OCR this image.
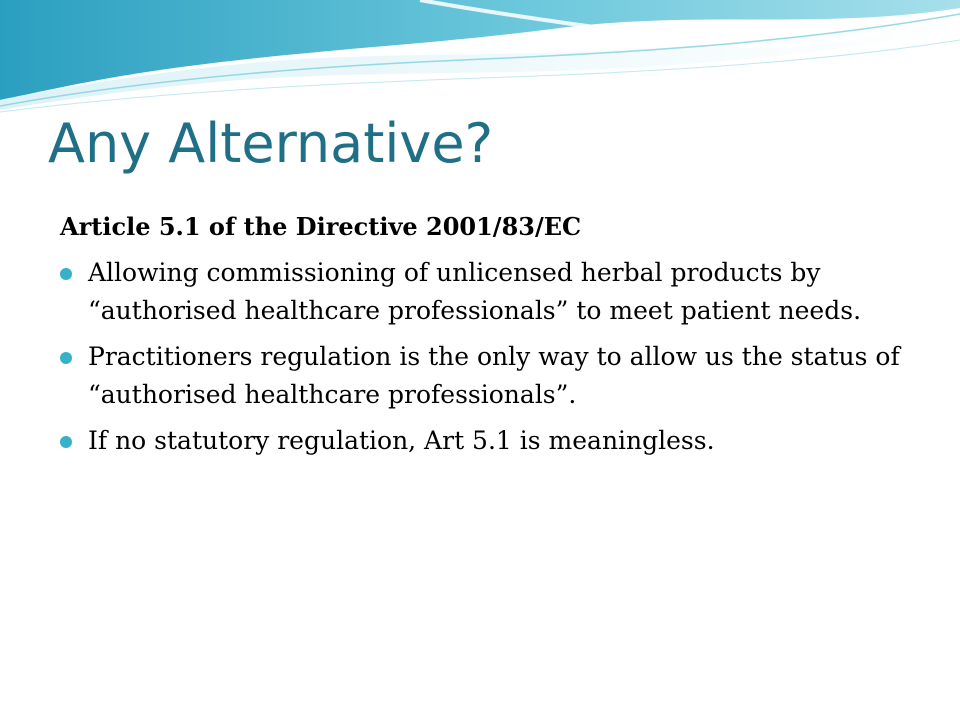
Any Alternative?

Article 5.1 of the Directive 2001/83/EC

Allowing commissioning of unlicensed herbal products by “authorised healthcare professionals” to meet patient needs.
Practitioners regulation is the only way to allow us the status of “authorised healthcare professionals”.
If no statutory regulation, Art 5.1 is meaningless.
